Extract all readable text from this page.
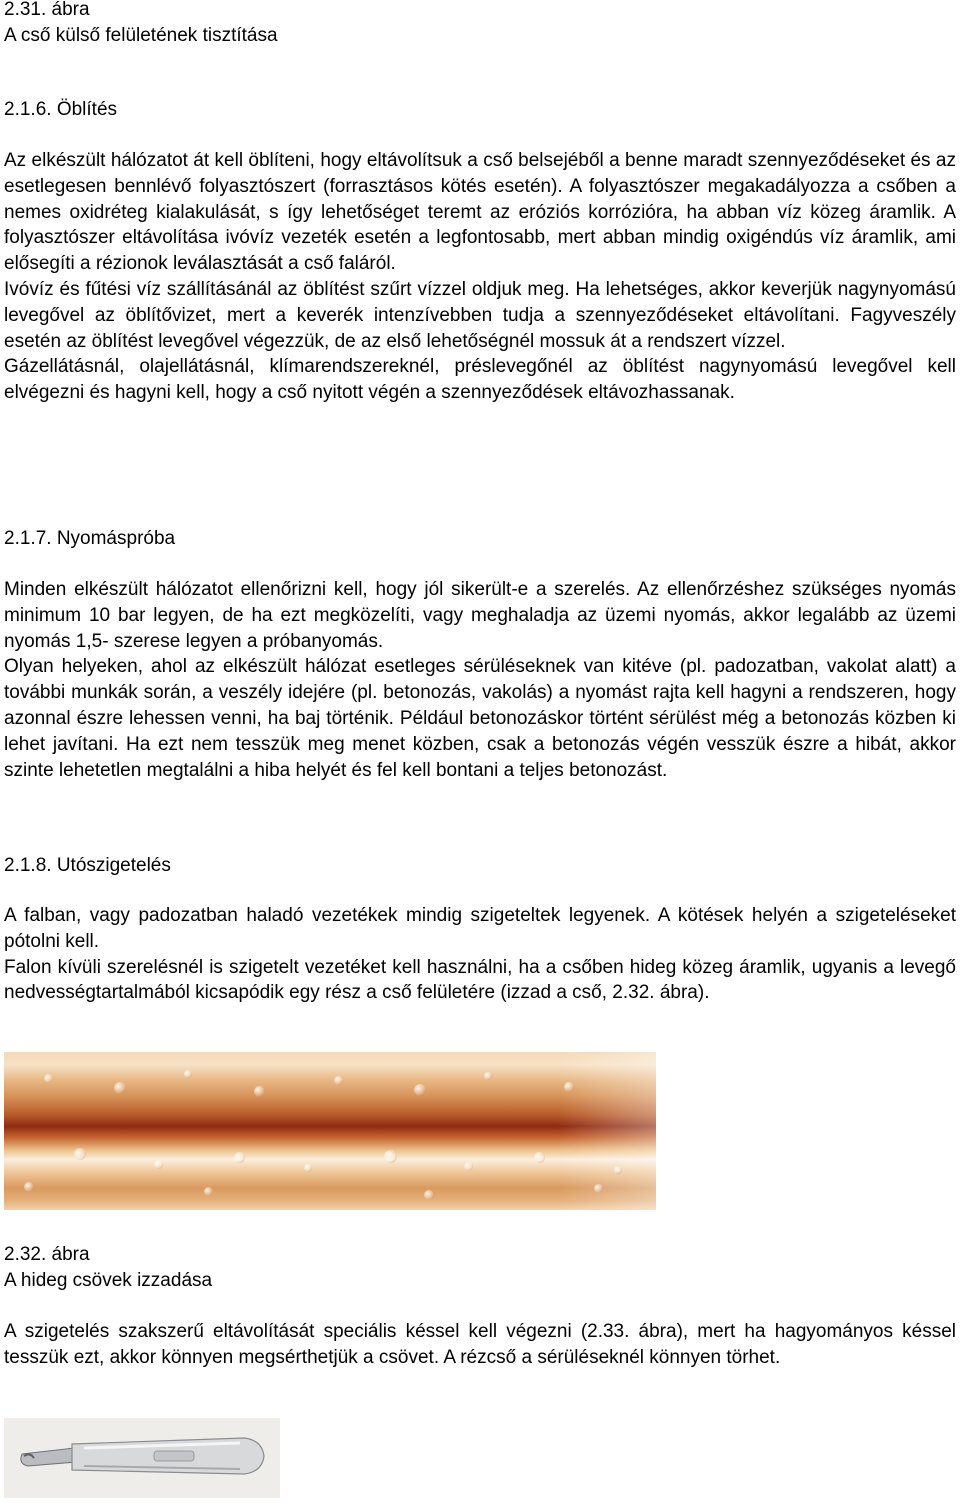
2.31. ábra
A cső külső felületének tisztítása
2.1.6. Öblítés

Az elkészült hálózatot át kell öblíteni, hogy eltávolítsuk a cső belsejéből a benne maradt szennyeződéseket és az esetlegesen bennlévő folyasztószert (forrasztásos kötés esetén). A folyasztószer megakadályozza a csőben a nemes oxidréteg kialakulását, s így lehetőséget teremt az eróziós korrózióra, ha abban víz közeg áramlik. A folyasztószer eltávolítása ivóvíz vezeték esetén a legfontosabb, mert abban mindig oxigéndús víz áramlik, ami elősegíti a rézionok leválasztását a cső faláról.

Ivóvíz és fűtési víz szállításánál az öblítést szűrt vízzel oldjuk meg. Ha lehetséges, akkor keverjük nagynyomású levegővel az öblítővizet, mert a keverék intenzívebben tudja a szennyeződéseket eltávolítani. Fagyveszély esetén az öblítést levegővel végezzük, de az első lehetőségnél mossuk át a rendszert vízzel.

Gázellátásnál, olajellátásnál, klímarendszereknél, préslevegőnél az öblítést nagynyomású levegővel kell elvégezni és hagyni kell, hogy a cső nyitott végén a szennyeződések eltávozhassanak.

2.1.7. Nyomáspróba

Minden elkészült hálózatot ellenőrizni kell, hogy jól sikerült-e a szerelés. Az ellenőrzéshez szükséges nyomás minimum 10 bar legyen, de ha ezt megközelíti, vagy meghaladja az üzemi nyomás, akkor legalább az üzemi nyomás 1,5- szerese legyen a próbanyomás.

Olyan helyeken, ahol az elkészült hálózat esetleges sérüléseknek van kitéve (pl. padozatban, vakolat alatt) a további munkák során, a veszély idejére (pl. betonozás, vakolás) a nyomást rajta kell hagyni a rendszeren, hogy azonnal észre lehessen venni, ha baj történik. Például betonozáskor történt sérülést még a betonozás közben ki lehet javítani. Ha ezt nem tesszük meg menet közben, csak a betonozás végén vesszük észre a hibát, akkor szinte lehetetlen megtalálni a hiba helyét és fel kell bontani a teljes betonozást.

2.1.8. Utószigetelés

A falban, vagy padozatban haladó vezetékek mindig szigeteltek legyenek. A kötések helyén a szigeteléseket pótolni kell.

Falon kívüli szerelésnél is szigetelt vezetéket kell használni, ha a csőben hideg közeg áramlik, ugyanis a levegő nedvességtartalmából kicsapódik egy rész a cső felületére (izzad a cső, 2.32. ábra).

2.32. ábra
A hideg csövek izzadása

A szigetelés szakszerű eltávolítását speciális késsel kell végezni (2.33. ábra), mert ha hagyományos késsel tesszük ezt, akkor könnyen megsérthetjük a csövet. A rézcső a sérüléseknél könnyen törhet.
